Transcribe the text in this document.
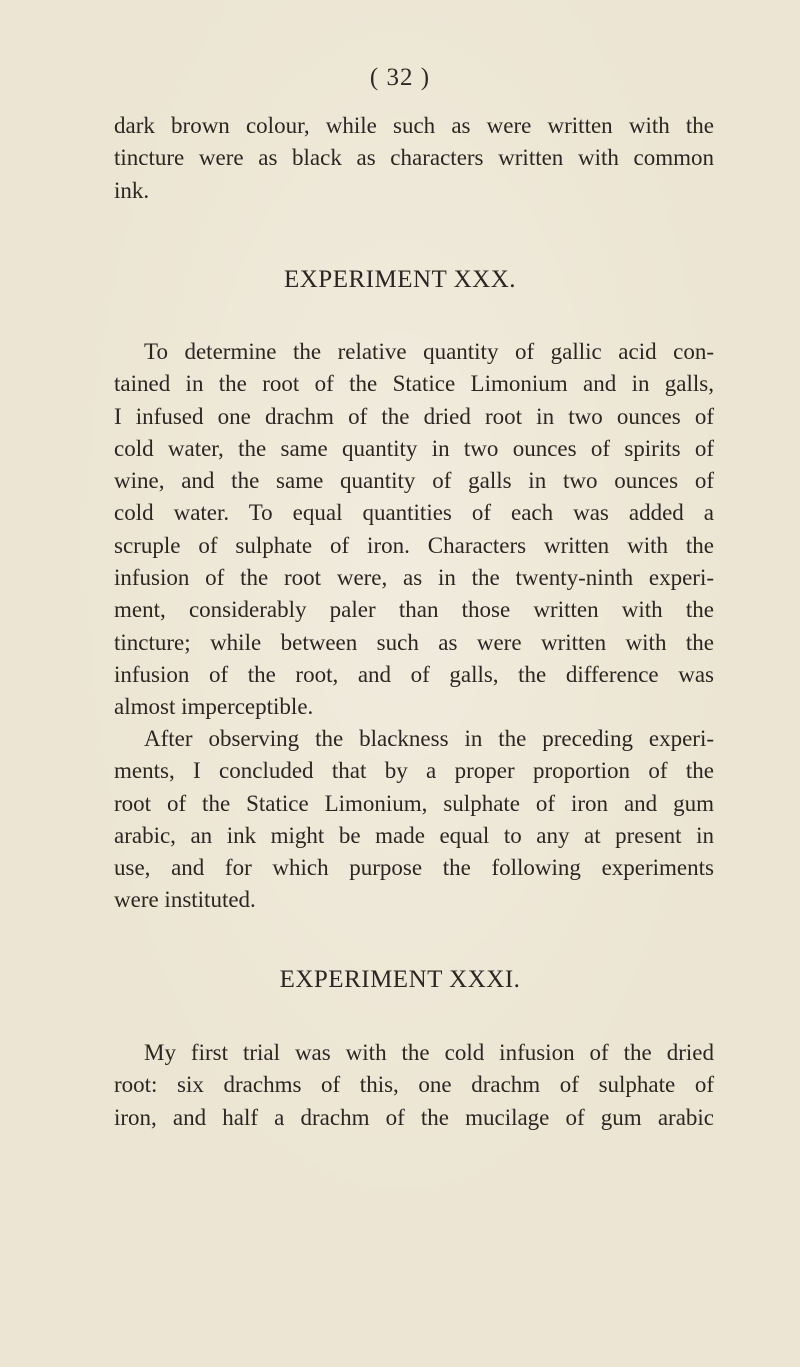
( 32 )
dark brown colour, while such as were written with the
tincture were as black as characters written with common
ink.
EXPERIMENT XXX.
To determine the relative quantity of gallic acid con-
tained in the root of the Statice Limonium and in galls,
I infused one drachm of the dried root in two ounces of
cold water, the same quantity in two ounces of spirits of
wine, and the same quantity of galls in two ounces of
cold water. To equal quantities of each was added a
scruple of sulphate of iron. Characters written with the
infusion of the root were, as in the twenty-ninth experi-
ment, considerably paler than those written with the
tincture; while between such as were written with the
infusion of the root, and of galls, the difference was
almost imperceptible.
After observing the blackness in the preceding experi-
ments, I concluded that by a proper proportion of the
root of the Statice Limonium, sulphate of iron and gum
arabic, an ink might be made equal to any at present in
use, and for which purpose the following experiments
were instituted.
EXPERIMENT XXXI.
My first trial was with the cold infusion of the dried
root: six drachms of this, one drachm of sulphate of
iron, and half a drachm of the mucilage of gum arabic
